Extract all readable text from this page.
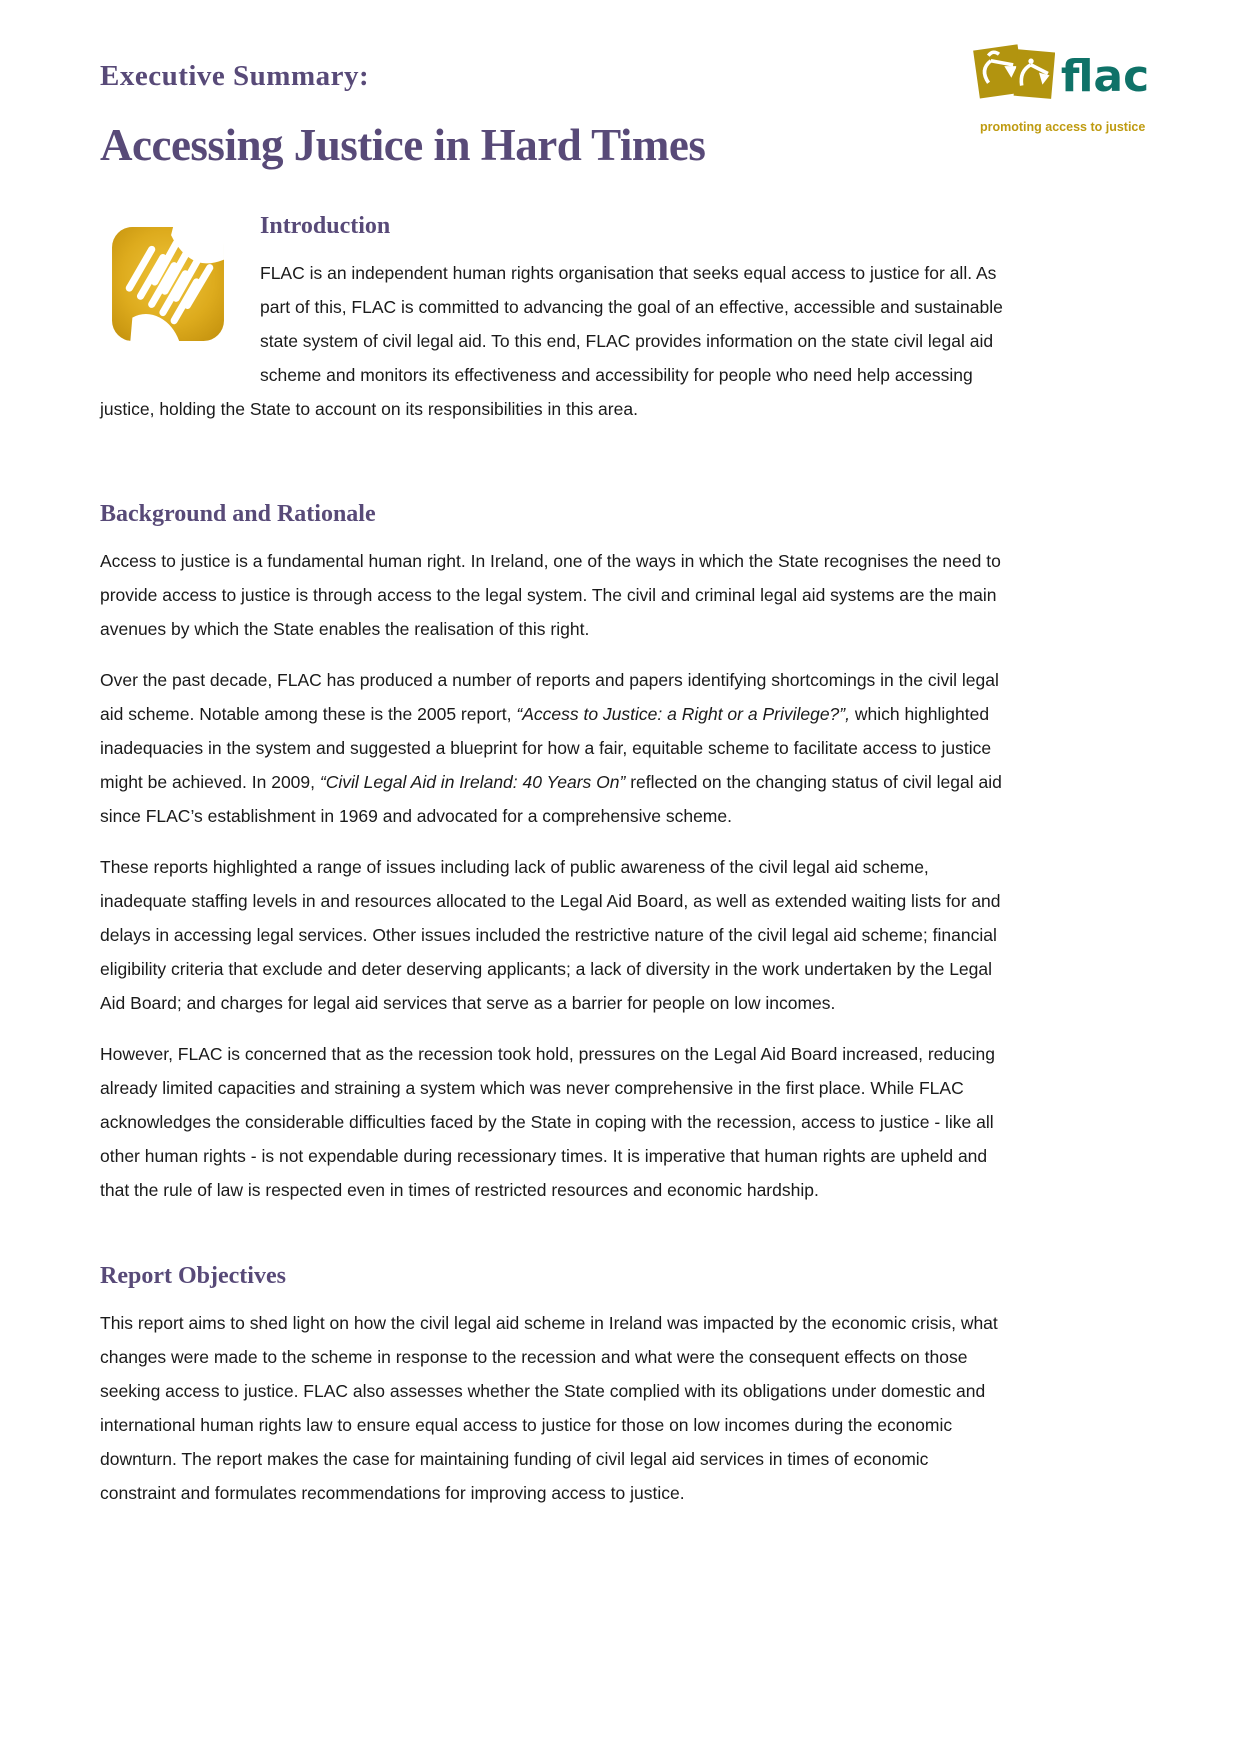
flac
promoting access to justice
Executive Summary:
Accessing Justice in Hard Times
Introduction

FLAC is an independent human rights organisation that seeks equal access to justice for all. As part of this, FLAC is committed to advancing the goal of an effective, accessible and sustainable state system of civil legal aid. To this end, FLAC provides information on the state civil legal aid scheme and monitors its effectiveness and accessibility for people who need help accessing justice, holding the State to account on its responsibilities in this area.

Background and Rationale

Access to justice is a fundamental human right. In Ireland, one of the ways in which the State recognises the need to provide access to justice is through access to the legal system. The civil and criminal legal aid systems are the main avenues by which the State enables the realisation of this right.

Over the past decade, FLAC has produced a number of reports and papers identifying shortcomings in the civil legal aid scheme. Notable among these is the 2005 report, “Access to Justice: a Right or a Privilege?”, which highlighted inadequacies in the system and suggested a blueprint for how a fair, equitable scheme to facilitate access to justice might be achieved. In 2009, “Civil Legal Aid in Ireland: 40 Years On” reflected on the changing status of civil legal aid since FLAC’s establishment in 1969 and advocated for a comprehensive scheme.

These reports highlighted a range of issues including lack of public awareness of the civil legal aid scheme, inadequate staffing levels in and resources allocated to the Legal Aid Board, as well as extended waiting lists for and delays in accessing legal services. Other issues included the restrictive nature of the civil legal aid scheme; financial eligibility criteria that exclude and deter deserving applicants; a lack of diversity in the work undertaken by the Legal Aid Board; and charges for legal aid services that serve as a barrier for people on low incomes.

However, FLAC is concerned that as the recession took hold, pressures on the Legal Aid Board increased, reducing already limited capacities and straining a system which was never comprehensive in the first place. While FLAC acknowledges the considerable difficulties faced by the State in coping with the recession, access to justice - like all other human rights - is not expendable during recessionary times. It is imperative that human rights are upheld and that the rule of law is respected even in times of restricted resources and economic hardship.

Report Objectives

This report aims to shed light on how the civil legal aid scheme in Ireland was impacted by the economic crisis, what changes were made to the scheme in response to the recession and what were the consequent effects on those seeking access to justice. FLAC also assesses whether the State complied with its obligations under domestic and international human rights law to ensure equal access to justice for those on low incomes during the economic downturn. The report makes the case for maintaining funding of civil legal aid services in times of economic constraint and formulates recommendations for improving access to justice.
